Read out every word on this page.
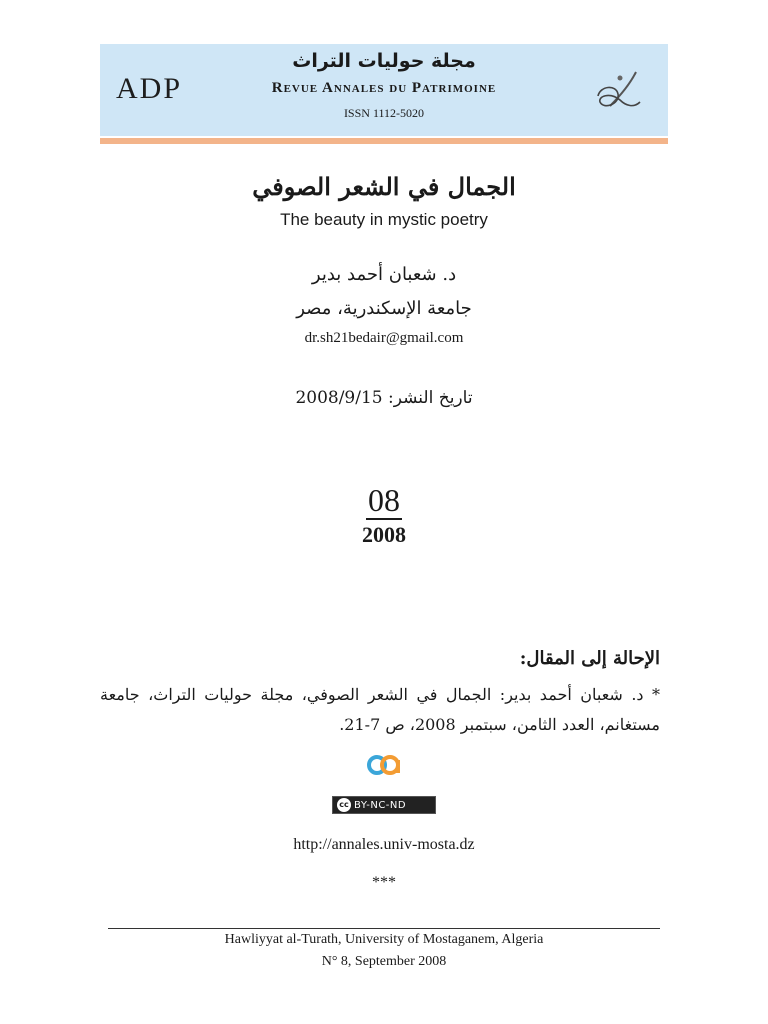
ADP
مجلة حوليات التراث
Revue Annales du Patrimoine
ISSN 1112-5020
الجمال في الشعر الصوفي
The beauty in mystic poetry
د. شعبان أحمد بدير
جامعة الإسكندرية، مصر
dr.sh21bedair@gmail.com
تاريخ النشر: 2008/9/15
08
2008
الإحالة إلى المقال:
* د. شعبان أحمد بدير: الجمال في الشعر الصوفي، مجلة حوليات التراث، جامعة مستغانم، العدد الثامن، سبتمبر 2008، ص 7-21.
cc BY-NC-ND
http://annales.univ-mosta.dz
***
Hawliyyat al-Turath, University of Mostaganem, Algeria
N° 8, September 2008
